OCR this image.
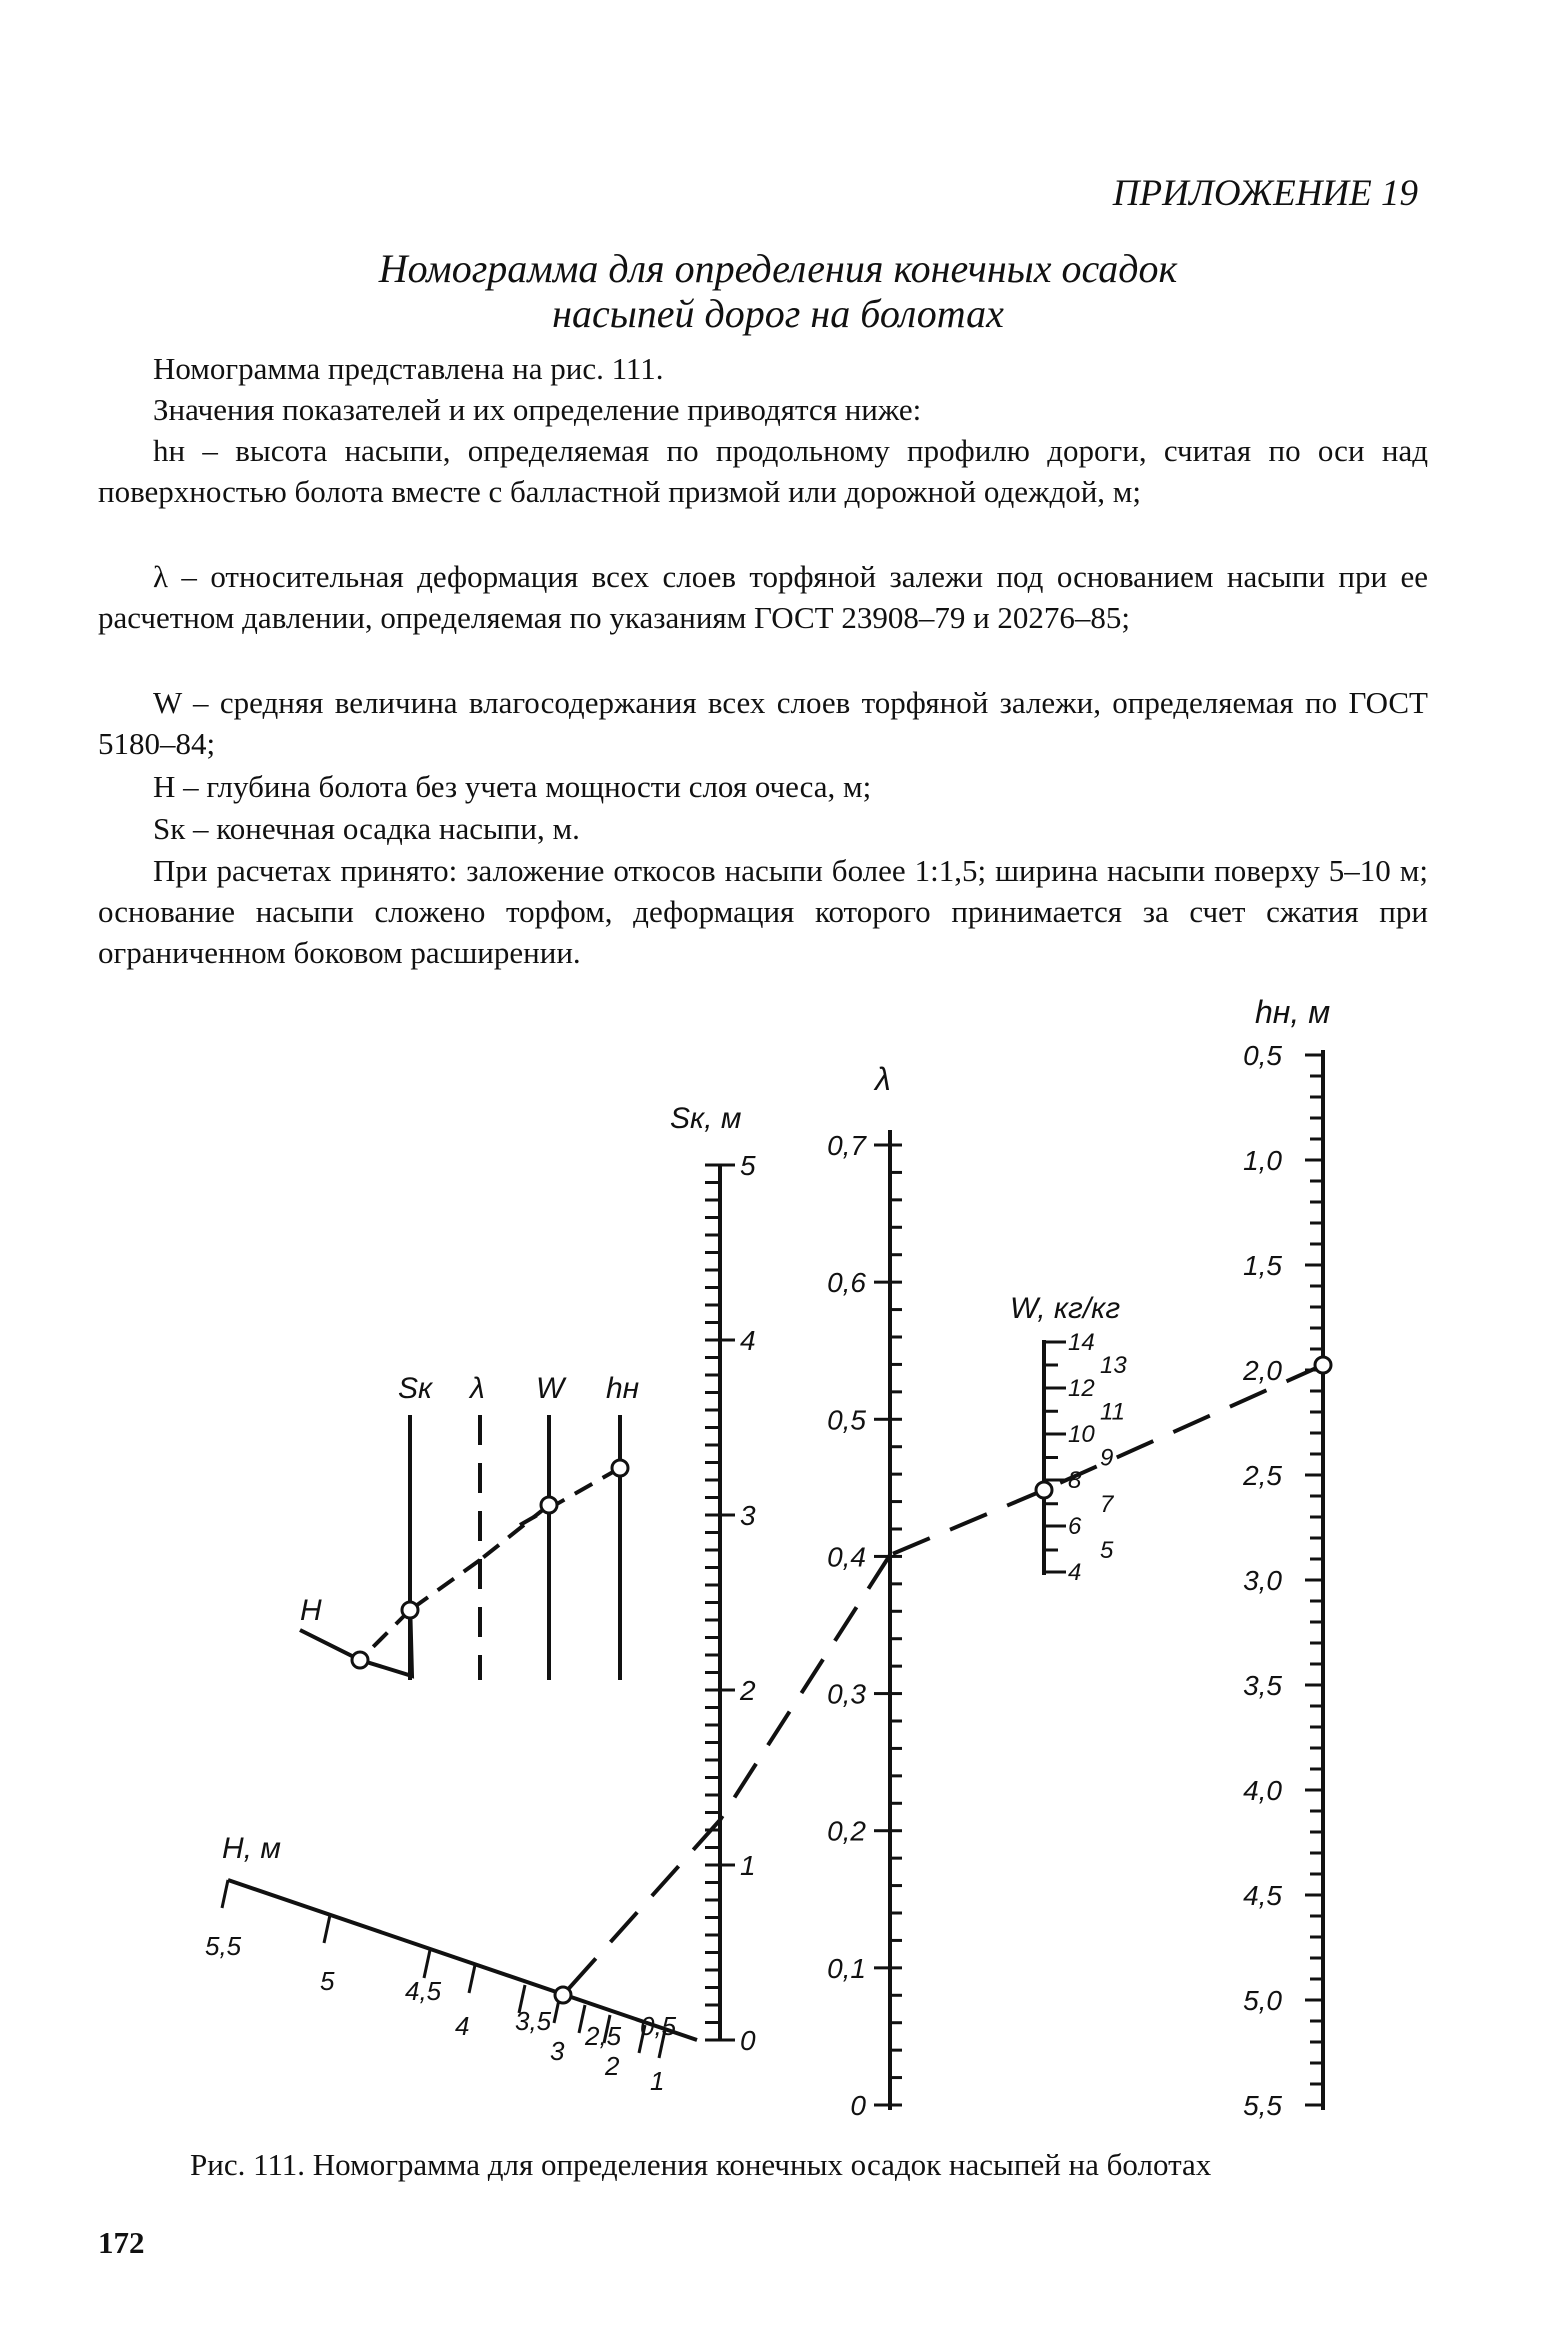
ПРИЛОЖЕНИЕ 19
Номограмма для определения конечных осадок
насыпей дорог на болотах
Номограмма представлена на рис. 111.
Значения показателей и их определение приводятся ниже:
hн – высота насыпи, определяемая по продольному профилю дороги, считая по оси над поверхностью болота вместе с балластной призмой или дорожной одеждой, м;
λ – относительная деформация всех слоев торфяной залежи под основанием насыпи при ее расчетном давлении, определяемая по указаниям ГОСТ 23908–79 и 20276–85;
W – средняя величина влагосодержания всех слоев торфяной залежи, определяемая по ГОСТ 5180–84;
Н – глубина болота без учета мощности слоя очеса, м;
Sк – конечная осадка насыпи, м.
При расчетах принято: заложение откосов насыпи более 1:1,5; ширина насыпи поверху 5–10 м; основание насыпи сложено торфом, деформация которого принимается за счет сжатия при ограниченном боковом расширении.
Sк λ W hн
H
Sк, м
λ
W, кг/кг
hн, м
H, м
5
4
3
2
1
0
0,7
0,6
0,5
0,4
0,3
0,2
0,1
0
14
12
10
8
6
4
13
11
9
7
5
0,5
1,0
1,5
2,0
2,5
3,0
3,5
4,0
4,5
5,0
5,5
5,5
5	4,5
4 3,5
3 2,5
2
0,5
1
Рис. 111. Номограмма для определения конечных осадок насыпей на болотах
172
